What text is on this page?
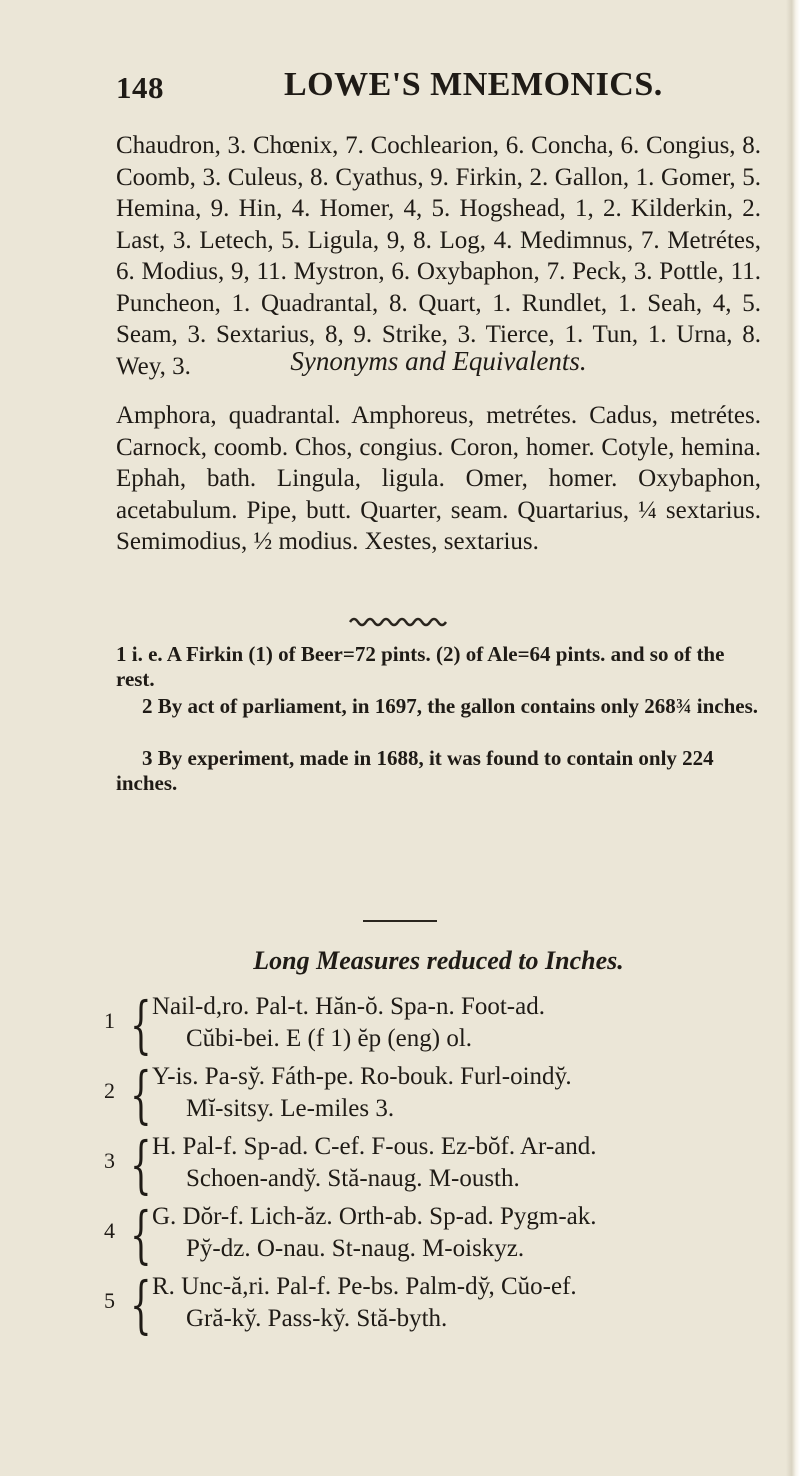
148	LOWE'S MNEMONICS.
Chaudron, 3. Chœnix, 7. Cochlearion, 6. Concha, 6. Congius, 8. Coomb, 3. Culeus, 8. Cyathus, 9. Firkin, 2. Gallon, 1. Gomer, 5. Hemina, 9. Hin, 4. Homer, 4, 5. Hogshead, 1, 2. Kilderkin, 2. Last, 3. Letech, 5. Ligula, 9, 8. Log, 4. Medimnus, 7. Metrétes, 6. Modius, 9, 11. Mystron, 6. Oxybaphon, 7. Peck, 3. Pottle, 11. Puncheon, 1. Quadrantal, 8. Quart, 1. Rundlet, 1. Seah, 4, 5. Seam, 3. Sextarius, 8, 9. Strike, 3. Tierce, 1. Tun, 1. Urna, 8. Wey, 3.	Synonyms and Equivalents.
Amphora, quadrantal. Amphoreus, metrétes. Cadus, metrétes. Carnock, coomb. Chos, congius. Coron, homer. Cotyle, hemina. Ephah, bath. Lingula, ligula. Omer, homer. Oxybaphon, acetabulum. Pipe, butt. Quarter, seam. Quartarius, ¼ sextarius. Semimodius, ½ modius. Xestes, sextarius.

1 i. e. A Firkin (1) of Beer=72 pints. (2) of Ale=64 pints. and so of the rest.

2 By act of parliament, in 1697, the gallon contains only 268¾ inches.

3 By experiment, made in 1688, it was found to contain only 224 inches.

Long Measures reduced to Inches.
1 { Nail-d,ro. Pal-t. Hăn-ŏ. Spa-n. Foot-ad.
Cŭbi-bei. E (f 1) ĕp (eng) ol.
2 { Y-is. Pa-sy̆. Fáth-pe. Ro-bouk. Furl-oindy̆.
Mĭ-sitsy. Le-miles 3.
3 { H. Pal-f. Sp-ad. C-ef. F-ous. Ez-bŏf. Ar-and.
Schoen-andy̆. Stă-naug. M-ousth.
4 { G. Dŏr-f. Lich-ăz. Orth-ab. Sp-ad. Pygm-ak.
Py̆-dz. O-nau. St-naug. M-oiskyz.
5 { R. Unc-ă,ri. Pal-f. Pe-bs. Palm-dy̆, Cŭo-ef.
Gră-ky̆. Pass-ky̆. Stă-byth.
